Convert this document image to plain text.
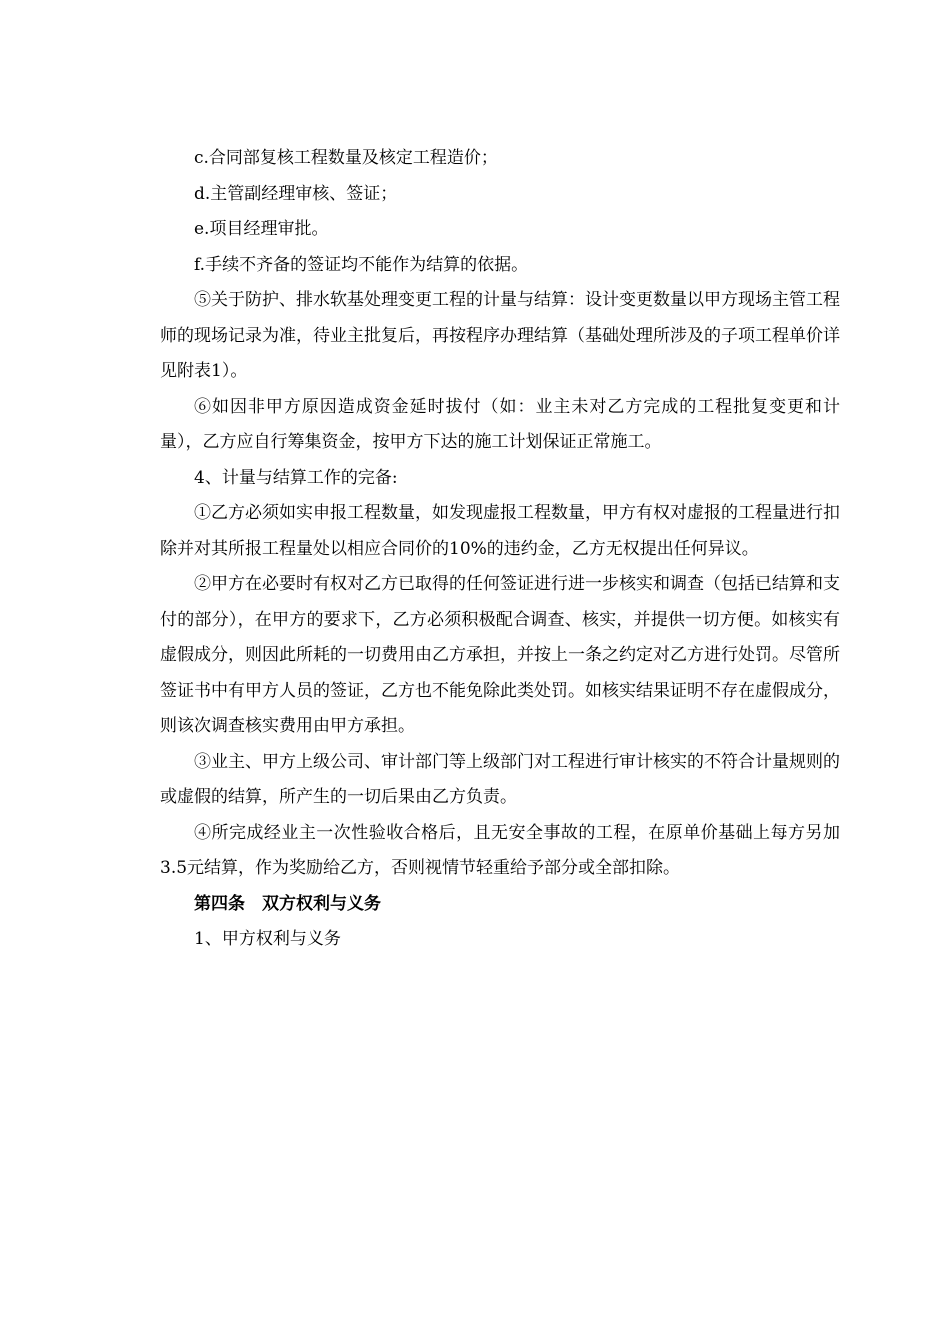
c.合同部复核工程数量及核定工程造价；

d.主管副经理审核、签证；

e.项目经理审批。

f.手续不齐备的签证均不能作为结算的依据。

⑤关于防护、排水软基处理变更工程的计量与结算：设计变更数量以甲方现场主管工程师的现场记录为准，待业主批复后，再按程序办理结算（基础处理所涉及的子项工程单价详见附表1）。

⑥如因非甲方原因造成资金延时拔付（如：业主未对乙方完成的工程批复变更和计量），乙方应自行筹集资金，按甲方下达的施工计划保证正常施工。

4、计量与结算工作的完备:

①乙方必须如实申报工程数量，如发现虚报工程数量，甲方有权对虚报的工程量进行扣除并对其所报工程量处以相应合同价的10%的违约金，乙方无权提出任何异议。

②甲方在必要时有权对乙方已取得的任何签证进行进一步核实和调查（包括已结算和支付的部分），在甲方的要求下，乙方必须积极配合调查、核实，并提供一切方便。如核实有虚假成分，则因此所耗的一切费用由乙方承担，并按上一条之约定对乙方进行处罚。尽管所签证书中有甲方人员的签证，乙方也不能免除此类处罚。如核实结果证明不存在虚假成分，则该次调查核实费用由甲方承担。

③业主、甲方上级公司、审计部门等上级部门对工程进行审计核实的不符合计量规则的或虚假的结算，所产生的一切后果由乙方负责。

④所完成经业主一次性验收合格后，且无安全事故的工程，在原单价基础上每方另加3.5元结算，作为奖励给乙方，否则视情节轻重给予部分或全部扣除。

第四条　双方权利与义务

1、甲方权利与义务
